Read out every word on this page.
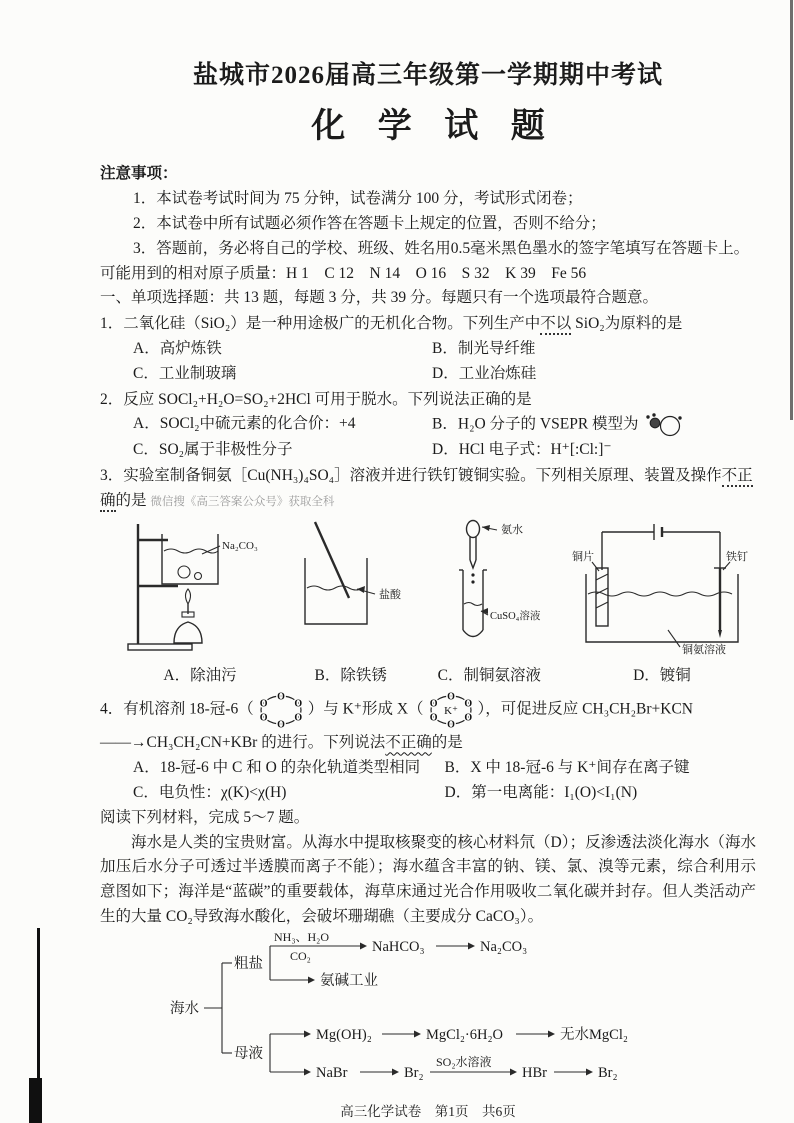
盐城市2026届高三年级第一学期期中考试
化 学 试 题
注意事项：
1．本试卷考试时间为 75 分钟，试卷满分 100 分，考试形式闭卷；
2．本试卷中所有试题必须作答在答题卡上规定的位置，否则不给分；
3．答题前，务必将自己的学校、班级、姓名用0.5毫米黑色墨水的签字笔填写在答题卡上。
可能用到的相对原子质量：H 1　C 12　N 14　O 16　S 32　K 39　Fe 56
一、单项选择题：共 13 题，每题 3 分，共 39 分。每题只有一个选项最符合题意。

1．二氧化硅（SiO₂）是一种用途极广的无机化合物。下列生产中不以 SiO₂为原料的是

A．高炉炼铁	B．制光导纤维
C．工业制玻璃	D．工业冶炼硅

2．反应 SOCl₂+H₂O=SO₂+2HCl 可用于脱水。下列说法正确的是

A．SOCl₂中硫元素的化合价：+4	B．H₂O 分子的 VSEPR 模型为
C．SO₂属于非极性分子	D．HCl 电子式：H⁺[:Cl:]⁻

3．实验室制备铜氨［Cu(NH₃)₄SO₄］溶液并进行铁钉镀铜实验。下列相关原理、装置及操作不正确的是 微信搜《高三答案公众号》获取全科

Na₂CO₃
A．除油污
盐酸
B．除铁锈
氨水
CuSO₄溶液
C．制铜氨溶液
铜片	铁钉
铜氨溶液
D．镀铜

4．有机溶剂 18-冠-6（
O
O
O
O
O
O	）与 K⁺形成 X（
O
O
O
O
O
O
K⁺ ），可促进反应 CH₃CH₂Br+KCN

——→CH₃CH₂CN+KBr 的进行。下列说法不正确的是

A．18-冠-6 中 C 和 O 的杂化轨道类型相同	B．X 中 18-冠-6 与 K⁺间存在离子键
C．电负性：χ(K)<χ(H)	D．第一电离能：I₁(O)<I₁(N)
阅读下列材料，完成 5～7 题。

海水是人类的宝贵财富。从海水中提取核聚变的核心材料氘（D）；反渗透法淡化海水（海水加压后水分子可透过半透膜而离子不能）；海水蕴含丰富的钠、镁、氯、溴等元素，综合利用示意图如下；海洋是“蓝碳”的重要载体，海草床通过光合作用吸收二氧化碳并封存。但人类活动产生的大量 CO₂导致海水酸化，会破坏珊瑚礁（主要成分 CaCO₃）。

海水
粗盐
NH₃、H₂O
CO₂
NaHCO₃	Na₂CO₃
氨碱工业
母液
Mg(OH)₂	MgCl₂·6H₂O	无水MgCl₂
NaBr	Br₂
SO₂水溶液
HBr	Br₂
高三化学试卷　第1页　共6页
